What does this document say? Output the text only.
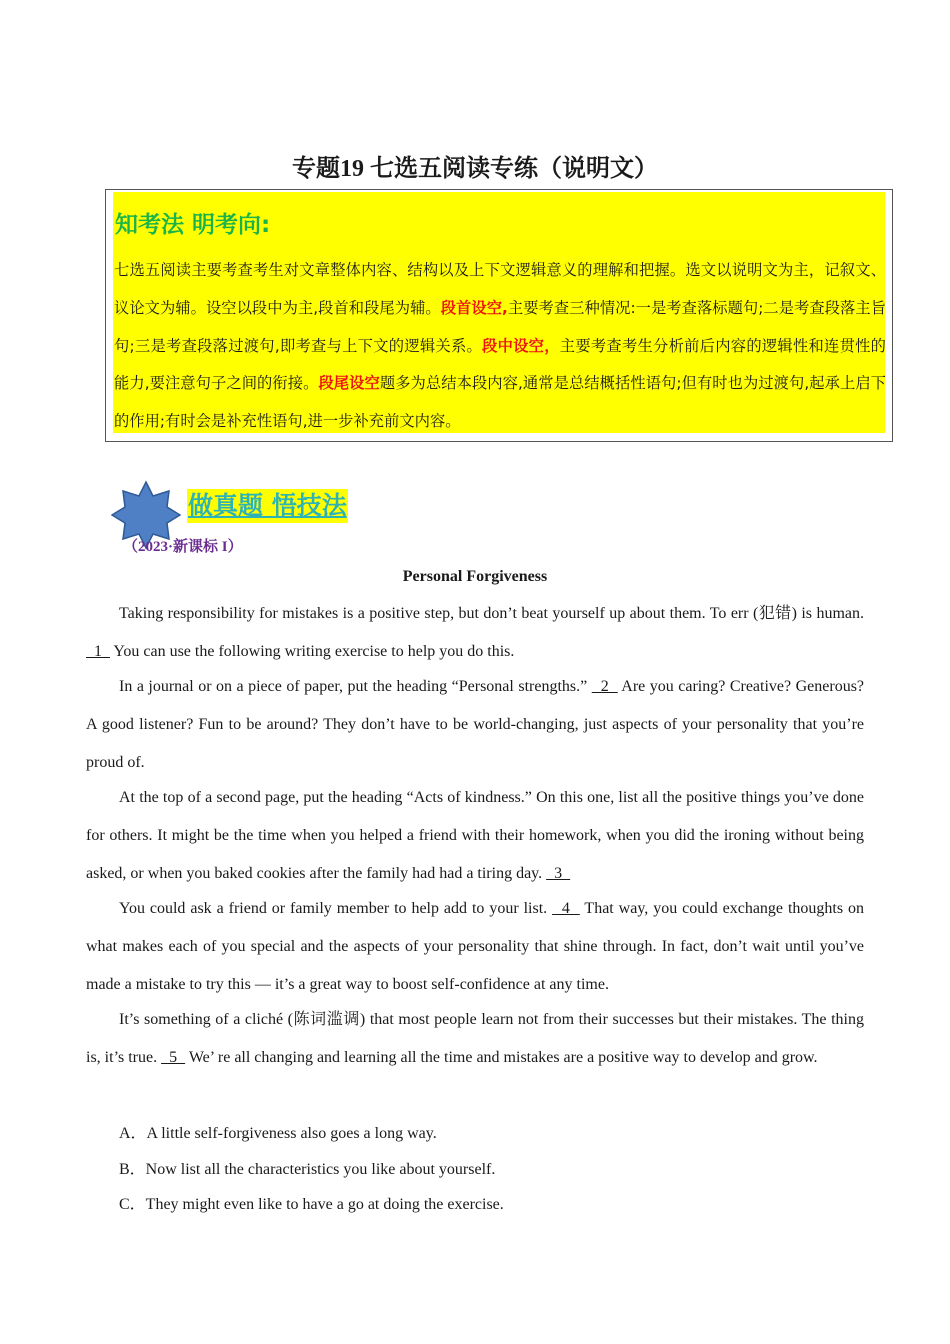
专题19 七选五阅读专练（说明文）
知考法 明考向:
七选五阅读主要考查考生对文章整体内容、结构以及上下文逻辑意义的理解和把握。选文以说明文为主，记叙文、议论文为辅。设空以段中为主,段首和段尾为辅。段首设空,主要考查三种情况:一是考查落标题句;二是考查段落主旨句;三是考查段落过渡句,即考查与上下文的逻辑关系。段中设空，主要考查考生分析前后内容的逻辑性和连贯性的能力,要注意句子之间的衔接。段尾设空题多为总结本段内容,通常是总结概括性语句;但有时也为过渡句,起承上启下的作用;有时会是补充性语句,进一步补充前文内容。
做真题 悟技法
（2023·新课标 I）
Personal Forgiveness

Taking responsibility for mistakes is a positive step, but don’t beat yourself up about them. To err (犯错) is human.   1   You can use the following writing exercise to help you do this.

In a journal or on a piece of paper, put the heading “Personal strengths.”   2   Are you caring? Creative? Generous? A good listener? Fun to be around? They don’t have to be world-changing, just aspects of your personality that you’re proud of.

At the top of a second page, put the heading “Acts of kindness.” On this one, list all the positive things you’ve done for others. It might be the time when you helped a friend with their homework, when you did the ironing without being asked, or when you baked cookies after the family had had a tiring day.   3

You could ask a friend or family member to help add to your list.   4   That way, you could exchange thoughts on what makes each of you special and the aspects of your personality that shine through. In fact, don’t wait until you’ve made a mistake to try this — it’s a great way to boost self-confidence at any time.

It’s something of a cliché (陈词滥调) that most people learn not from their successes but their mistakes. The thing is, it’s true.   5   We’ re all changing and learning all the time and mistakes are a positive way to develop and grow.

A．A little self-forgiveness also goes a long way.
B．Now list all the characteristics you like about yourself.
C．They might even like to have a go at doing the exercise.
